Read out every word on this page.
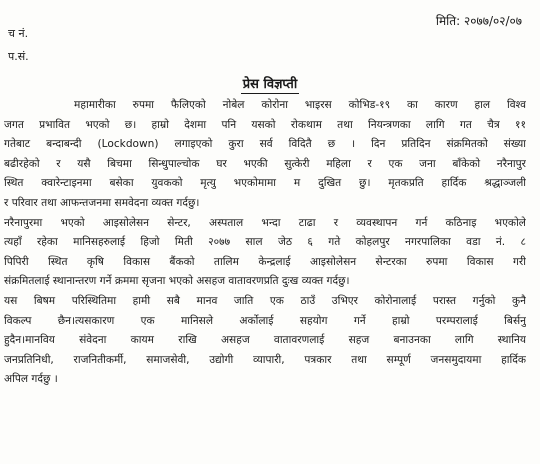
च नं.
प.सं.
मिति: २०७७/०२/०७
प्रेस विज्ञप्ती
महामारीका रुपमा फैलिएको नोबेल कोरोना भाइरस कोभिड-१९ का कारण हाल विश्व
जगत प्रभावित भएको छ। हाम्रो देशमा पनि यसको रोकथाम तथा नियन्त्रणका लागि गत चैत्र ११
गतेबाट बन्दाबन्दी (Lockdown) लगाइएको कुरा सर्व विदितै छ । दिन प्रतिदिन संक्रमितको संख्या
बढीरहेको र यसै बिचमा सिन्धुपाल्चोक घर भएकी सुत्केरी महिला र एक जना बाँकेको नरैनापुर
स्थित क्वारेन्टाइनमा बसेका युवकको मृत्यु भएकोमामा म दुखित छु। मृतकप्रति हार्दिक श्रद्धाञ्जली
र परिवार तथा आफन्तजनमा समवेदना व्यक्त गर्दछु।
नरैनापुरमा भएको आइसोलेसन सेन्टर, अस्पताल भन्दा टाढा र व्यवस्थापन गर्न कठिनाइ भएकोले
त्यहाँ रहेका मानिसहरुलाई हिजो मिती २०७७ साल जेठ ६ गते कोहलपुर नगरपालिका वडा नं. ८
पिपिरी स्थित कृषि विकास बैंकको तालिम केन्द्रलाई आइसोलेसन सेन्टरका रुपमा विकास गरी
संक्रमितलाई स्थानान्तरण गर्ने क्रममा सृजना भएको असहज वातावरणप्रति दुःख व्यक्त गर्दछु।
यस बिषम परिस्थितिमा हामी सबै मानव जाति एक ठाउँ उभिएर कोरोनालाई परास्त गर्नुको कुनै
विकल्प छैन।त्यसकारण एक मानिसले अर्कोलाई सहयोग गर्ने हाम्रो परम्परालाई बिर्सनु
हुदैन।मानविय संवेदना कायम राखि असहज वातावरणलाई सहज बनाउनका लागि स्थानिय
जनप्रतिनिधी, राजनितीकर्मी, समाजसेवी, उद्योगी व्यापारी, पत्रकार तथा सम्पूर्ण जनसमुदायमा हार्दिक
अपिल गर्दछु ।
